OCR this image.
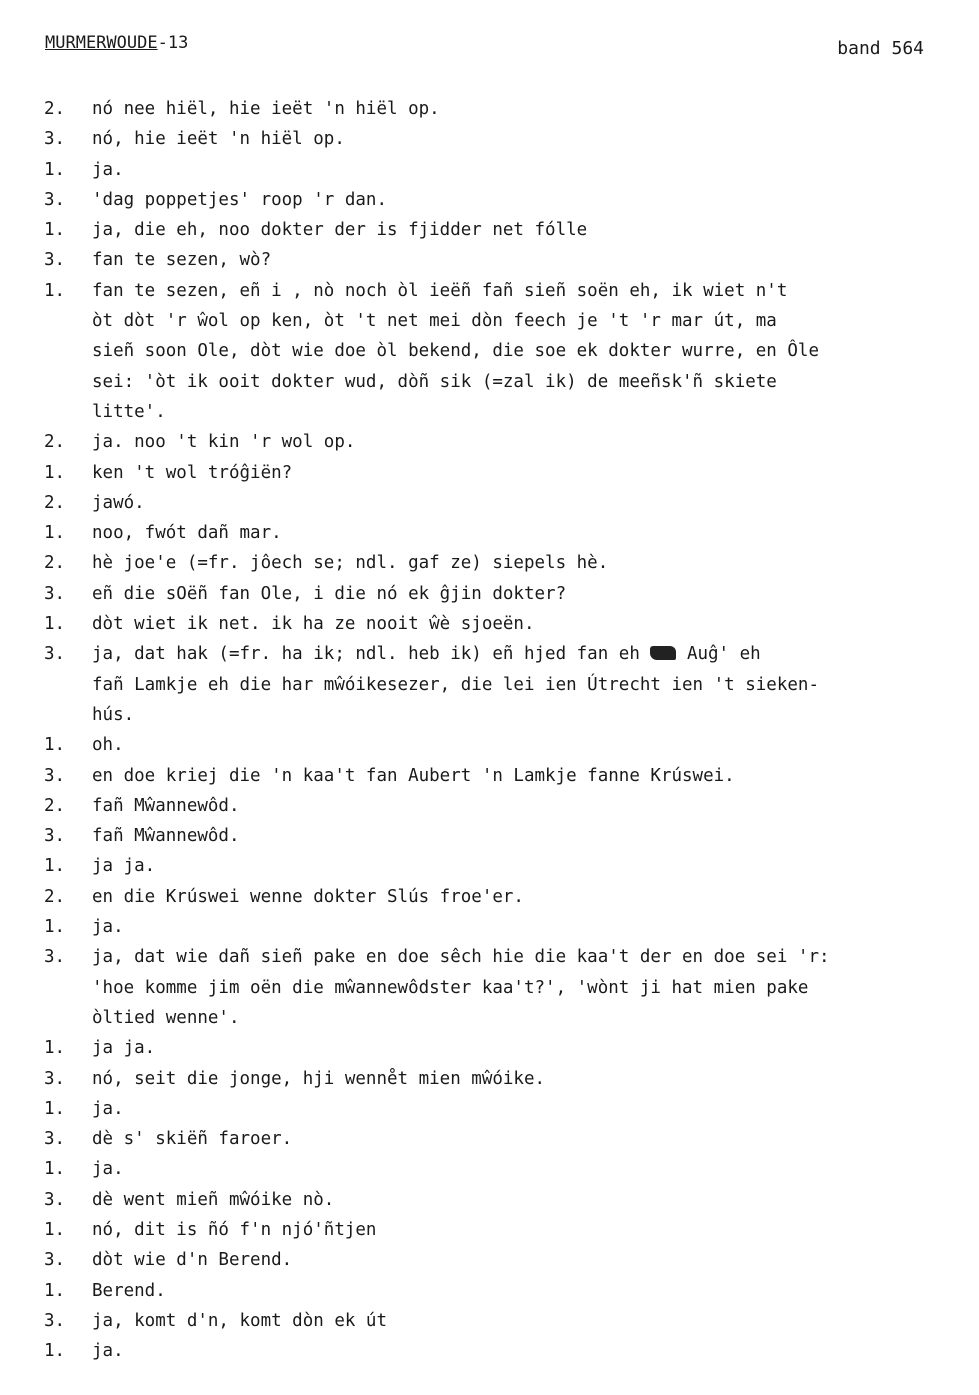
MURMERWOUDE-13	band 564
2.	nó nee hiël, hie ieët 'n hiël op.
3.	nó, hie ieët 'n hiël op.
1.	ja.
3.	'dag poppetjes' roop 'r dan.
1.	ja, die eh, noo dokter der is fjidder net fólle
3.	fan te sezen, wò?
1.	fan te sezen, eñ i , nò noch òl ieëñ fañ sieñ soën eh, ik wiet n't
òt dòt 'r ŵol op ken, òt 't net mei dòn feech je 't 'r mar út, ma
sieñ soon Ole, dòt wie doe òl bekend, die soe ek dokter wurre, en Ôle
sei: 'òt ik ooit dokter wud, dòñ sik (=zal ik) de meeñsk'ñ skiete
litte'.
2.	ja. noo 't kin 'r wol op.
1.	ken 't wol tróĝiën?
2.	jawó.
1.	noo, fwót dañ mar.
2.	hè joe'e (=fr. jôech se; ndl. gaf ze) siepels hè.
3.	eñ die sOëñ fan Ole, i die nó ek ĝjin dokter?
1.	dòt wiet ik net. ik ha ze nooit ŵè sjoeën.
3.	ja, dat hak (=fr. ha ik; ndl. heb ik) eñ hjed fan eh  Auĝ' eh
fañ Lamkje eh die har mŵóikesezer, die lei ien Útrecht ien 't sieken-
hús.
1.	oh.
3.	en doe kriej die 'n kaa't fan Aubert 'n Lamkje fanne Krúswei.
2.	fañ Mŵannewôd.
3.	fañ Mŵannewôd.
1.	ja ja.
2.	en die Krúswei wenne dokter Slús froe'er.
1.	ja.
3.	ja, dat wie dañ sieñ pake en doe sêch hie die kaa't der en doe sei 'r:
'hoe komme jim oën die mŵannewôdster kaa't?', 'wònt ji hat mien pake
òltied wenne'.
1.	ja ja.
3.	nó, seit die jonge, hji wenne̊t mien mŵóike.
1.	ja.
3.	dè s' skiëñ faroer.
1.	ja.
3.	dè went mieñ mŵóike nò.
1.	nó, dit is ñó f'n njó'ñtjen
3.	dòt wie d'n Berend.
1.	Berend.
3.	ja, komt d'n, komt dòn ek út
1.	ja.
